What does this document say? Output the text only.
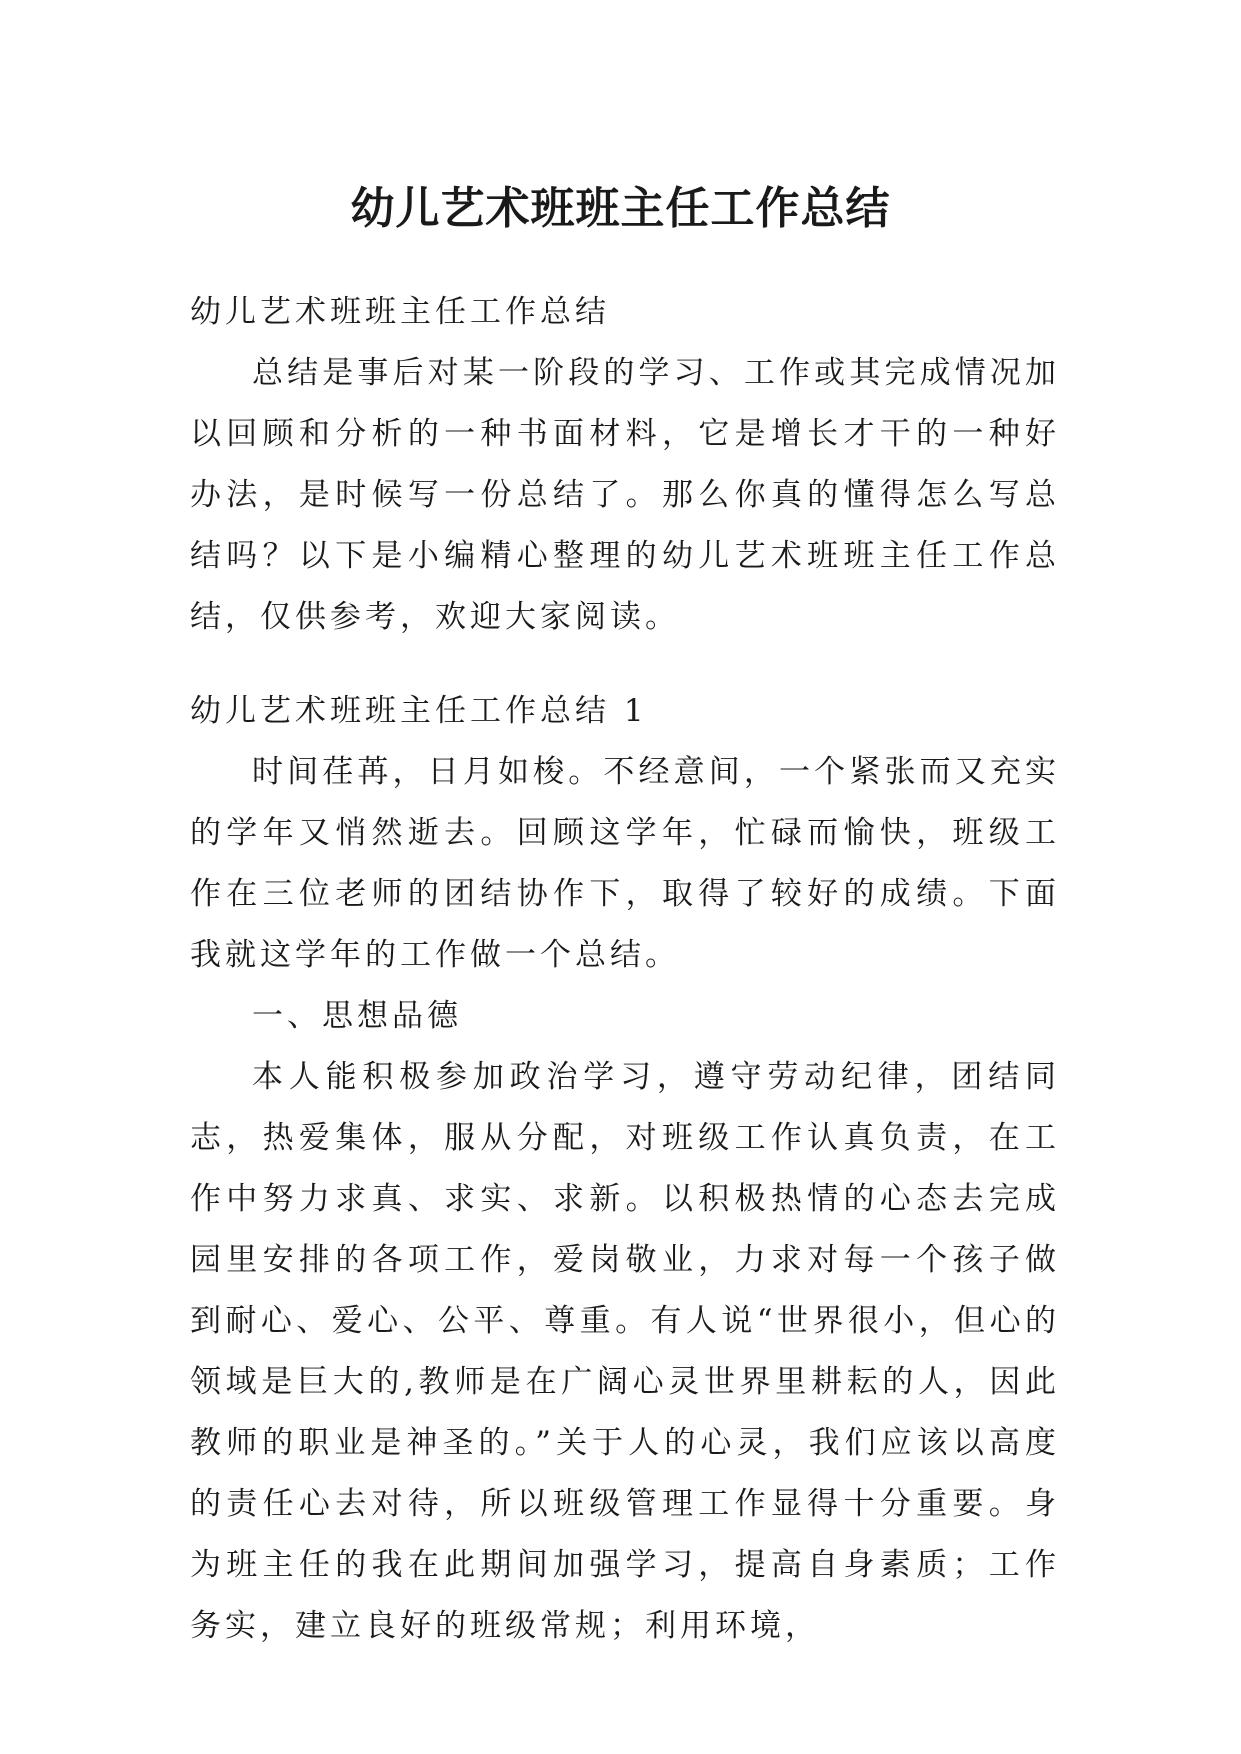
幼儿艺术班班主任工作总结

幼儿艺术班班主任工作总结

总结是事后对某一阶段的学习、工作或其完成情况加以回顾和分析的一种书面材料，它是增长才干的一种好办法，是时候写一份总结了。那么你真的懂得怎么写总结吗？以下是小编精心整理的幼儿艺术班班主任工作总结，仅供参考，欢迎大家阅读。

幼儿艺术班班主任工作总结 1

时间荏苒，日月如梭。不经意间，一个紧张而又充实的学年又悄然逝去。回顾这学年，忙碌而愉快，班级工作在三位老师的团结协作下，取得了较好的成绩。下面我就这学年的工作做一个总结。

一、思想品德

本人能积极参加政治学习，遵守劳动纪律，团结同志，热爱集体，服从分配，对班级工作认真负责，在工作中努力求真、求实、求新。以积极热情的心态去完成园里安排的各项工作，爱岗敬业，力求对每一个孩子做到耐心、爱心、公平、尊重。有人说“世界很小，但心的领域是巨大的,教师是在广阔心灵世界里耕耘的人，因此教师的职业是神圣的。”关于人的心灵，我们应该以高度的责任心去对待，所以班级管理工作显得十分重要。身为班主任的我在此期间加强学习，提高自身素质；工作务实，建立良好的班级常规；利用环境，
